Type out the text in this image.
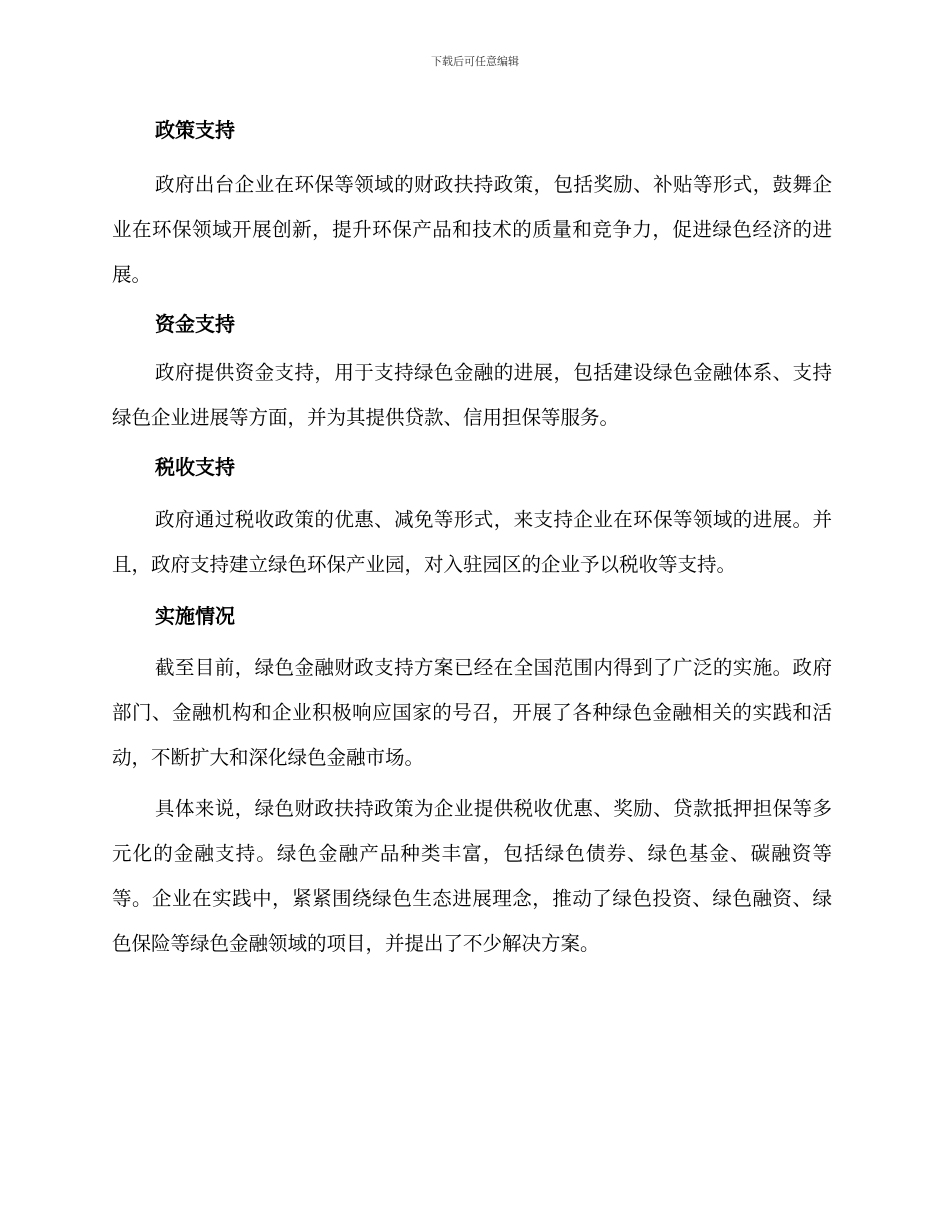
下载后可任意编辑
政策支持

政府出台企业在环保等领域的财政扶持政策，包括奖励、补贴等形式，鼓舞企业在环保领域开展创新，提升环保产品和技术的质量和竞争力，促进绿色经济的进展。

资金支持

政府提供资金支持，用于支持绿色金融的进展，包括建设绿色金融体系、支持绿色企业进展等方面，并为其提供贷款、信用担保等服务。

税收支持

政府通过税收政策的优惠、减免等形式，来支持企业在环保等领域的进展。并且，政府支持建立绿色环保产业园，对入驻园区的企业予以税收等支持。

实施情况

截至目前，绿色金融财政支持方案已经在全国范围内得到了广泛的实施。政府部门、金融机构和企业积极响应国家的号召，开展了各种绿色金融相关的实践和活动，不断扩大和深化绿色金融市场。

具体来说，绿色财政扶持政策为企业提供税收优惠、奖励、贷款抵押担保等多元化的金融支持。绿色金融产品种类丰富，包括绿色债券、绿色基金、碳融资等等。企业在实践中，紧紧围绕绿色生态进展理念，推动了绿色投资、绿色融资、绿色保险等绿色金融领域的项目，并提出了不少解决方案。
